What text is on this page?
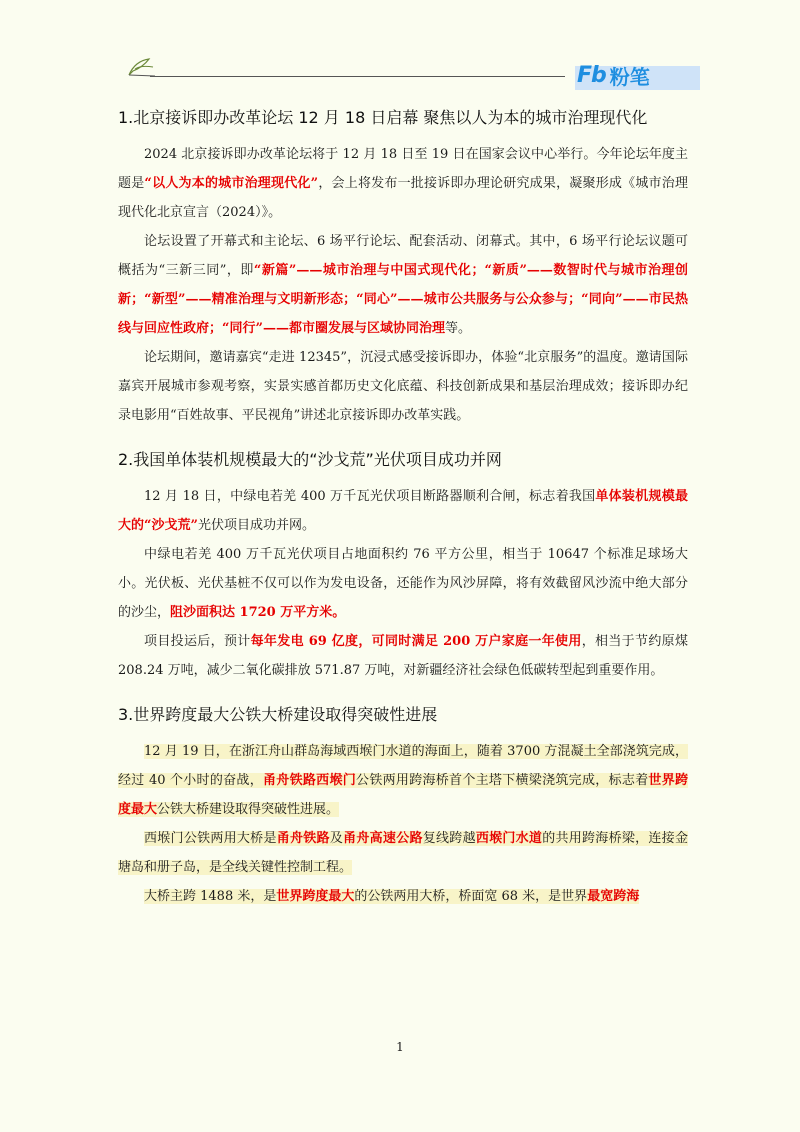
Fb 粉笔
1.北京接诉即办改革论坛 12 月 18 日启幕 聚焦以人为本的城市治理现代化

2024 北京接诉即办改革论坛将于 12 月 18 日至 19 日在国家会议中心举行。今年论坛年度主题是“以人为本的城市治理现代化”，会上将发布一批接诉即办理论研究成果，凝聚形成《城市治理现代化北京宣言（2024）》。

论坛设置了开幕式和主论坛、6 场平行论坛、配套活动、闭幕式。其中，6 场平行论坛议题可概括为“三新三同”，即“新篇”——城市治理与中国式现代化；“新质”——数智时代与城市治理创新；“新型”——精准治理与文明新形态；“同心”——城市公共服务与公众参与；“同向”——市民热线与回应性政府；“同行”——都市圈发展与区域协同治理等。

论坛期间，邀请嘉宾“走进 12345”，沉浸式感受接诉即办，体验“北京服务”的温度。邀请国际嘉宾开展城市参观考察，实景实感首都历史文化底蕴、科技创新成果和基层治理成效；接诉即办纪录电影用“百姓故事、平民视角”讲述北京接诉即办改革实践。

2.我国单体装机规模最大的“沙戈荒”光伏项目成功并网

12 月 18 日，中绿电若羌 400 万千瓦光伏项目断路器顺利合闸，标志着我国单体装机规模最大的“沙戈荒”光伏项目成功并网。

中绿电若羌 400 万千瓦光伏项目占地面积约 76 平方公里，相当于 10647 个标准足球场大小。光伏板、光伏基桩不仅可以作为发电设备，还能作为风沙屏障，将有效截留风沙流中绝大部分的沙尘，阻沙面积达 1720 万平方米。

项目投运后，预计每年发电 69 亿度，可同时满足 200 万户家庭一年使用，相当于节约原煤 208.24 万吨，减少二氧化碳排放 571.87 万吨，对新疆经济社会绿色低碳转型起到重要作用。

3.世界跨度最大公铁大桥建设取得突破性进展

12 月 19 日，在浙江舟山群岛海域西堠门水道的海面上，随着 3700 方混凝土全部浇筑完成，经过 40 个小时的奋战，甬舟铁路西堠门公铁两用跨海桥首个主塔下横梁浇筑完成，标志着世界跨度最大公铁大桥建设取得突破性进展。

西堠门公铁两用大桥是甬舟铁路及甬舟高速公路复线跨越西堠门水道的共用跨海桥梁，连接金塘岛和册子岛，是全线关键性控制工程。

大桥主跨 1488 米，是世界跨度最大的公铁两用大桥，桥面宽 68 米，是世界最宽跨海

1
